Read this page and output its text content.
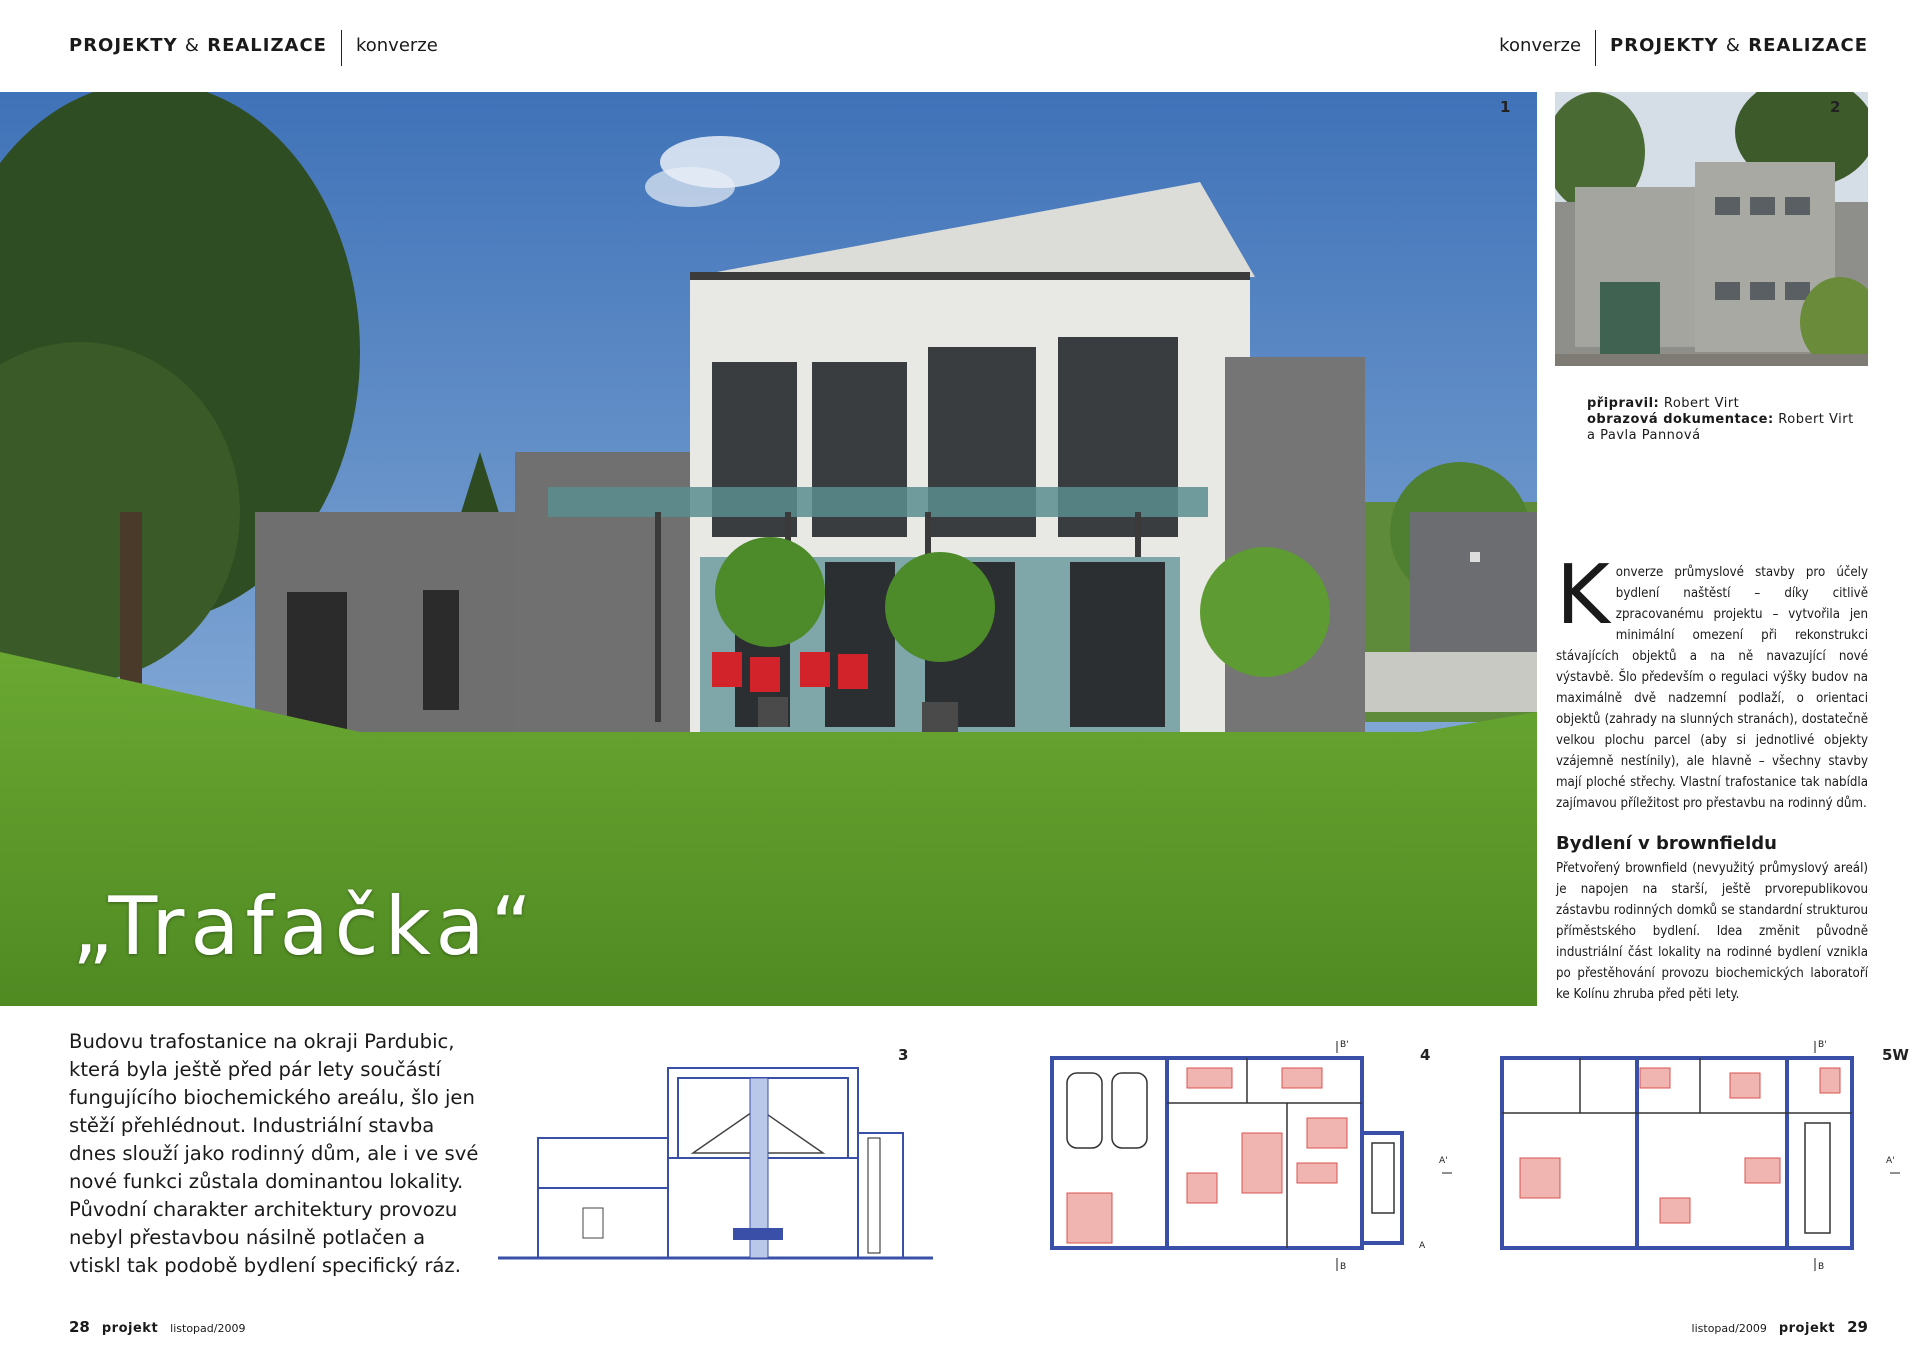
PROJEKTY & REALIZACE konverze	konverze PROJEKTY & REALIZACE
1
„Trafačka“
2
připravil: Robert Virt
obrazová dokumentace: Robert Virt
a Pavla Pannová
Konverze průmyslové stavby pro účely bydlení naštěstí – díky citlivě zpracovanému projektu – vytvořila jen minimální omezení při rekonstrukci stávajících objektů a na ně navazující nové výstavbě. Šlo především o regulaci výšky budov na maximálně dvě nadzemní podlaží, o orientaci objektů (zahrady na slunných stranách), dostatečně velkou plochu parcel (aby si jednotlivé objekty vzájemně nestínily), ale hlavně – všechny stavby mají ploché střechy. Vlastní trafostanice tak nabídla zajímavou příležitost pro přestavbu na rodinný dům.
Bydlení v brownfieldu
Přetvořený brownfield (nevyužitý průmyslový areál) je napojen na starší, ještě prvorepublikovou zástavbu rodinných domků se standardní strukturou příměstského bydlení. Idea změnit původně industriální část lokality na rodinné bydlení vznikla po přestěhování provozu biochemických laboratoří ke Kolínu zhruba před pěti lety.
Budovu trafostanice na okraji Pardubic, která byla ještě před pár lety součástí fungujícího biochemického areálu, šlo jen stěží přehlédnout. Industriální stavba dnes slouží jako rodinný dům, ale i ve své nové funkci zůstala dominantou lokality. Původní charakter architektury provozu nebyl přestavbou násilně potlačen a vtiskl tak podobě bydlení specifický ráz.
3
B'
A'
B
A
4
B'
A'
B
5W
28 projekt listopad/2009	listopad/2009 projekt 29
